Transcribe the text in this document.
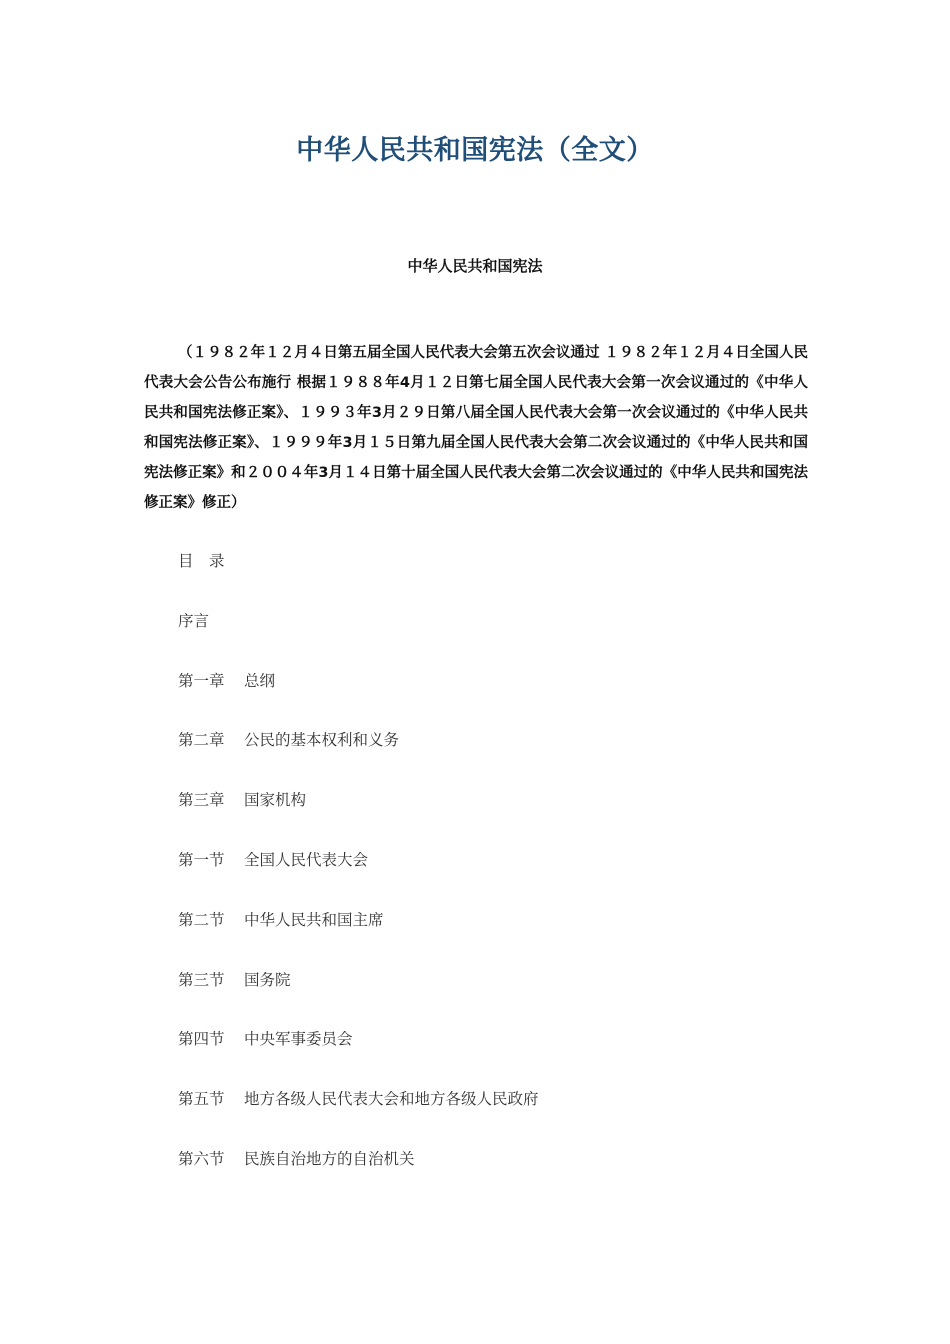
中华人民共和国宪法（全文）
中华人民共和国宪法
（１９８２年１２月４日第五届全国人民代表大会第五次会议通过 １９８２年１２月４日全国人民代表大会公告公布施行 根据１９８８年4月１２日第七届全国人民代表大会第一次会议通过的《中华人民共和国宪法修正案》、１９９３年3月２９日第八届全国人民代表大会第一次会议通过的《中华人民共和国宪法修正案》、１９９９年3月１５日第九届全国人民代表大会第二次会议通过的《中华人民共和国宪法修正案》和２００４年3月１４日第十届全国人民代表大会第二次会议通过的《中华人民共和国宪法修正案》修正）
目　录
序言
第一章 总纲
第二章 公民的基本权利和义务
第三章 国家机构
第一节 全国人民代表大会
第二节 中华人民共和国主席
第三节 国务院
第四节 中央军事委员会
第五节 地方各级人民代表大会和地方各级人民政府
第六节 民族自治地方的自治机关
